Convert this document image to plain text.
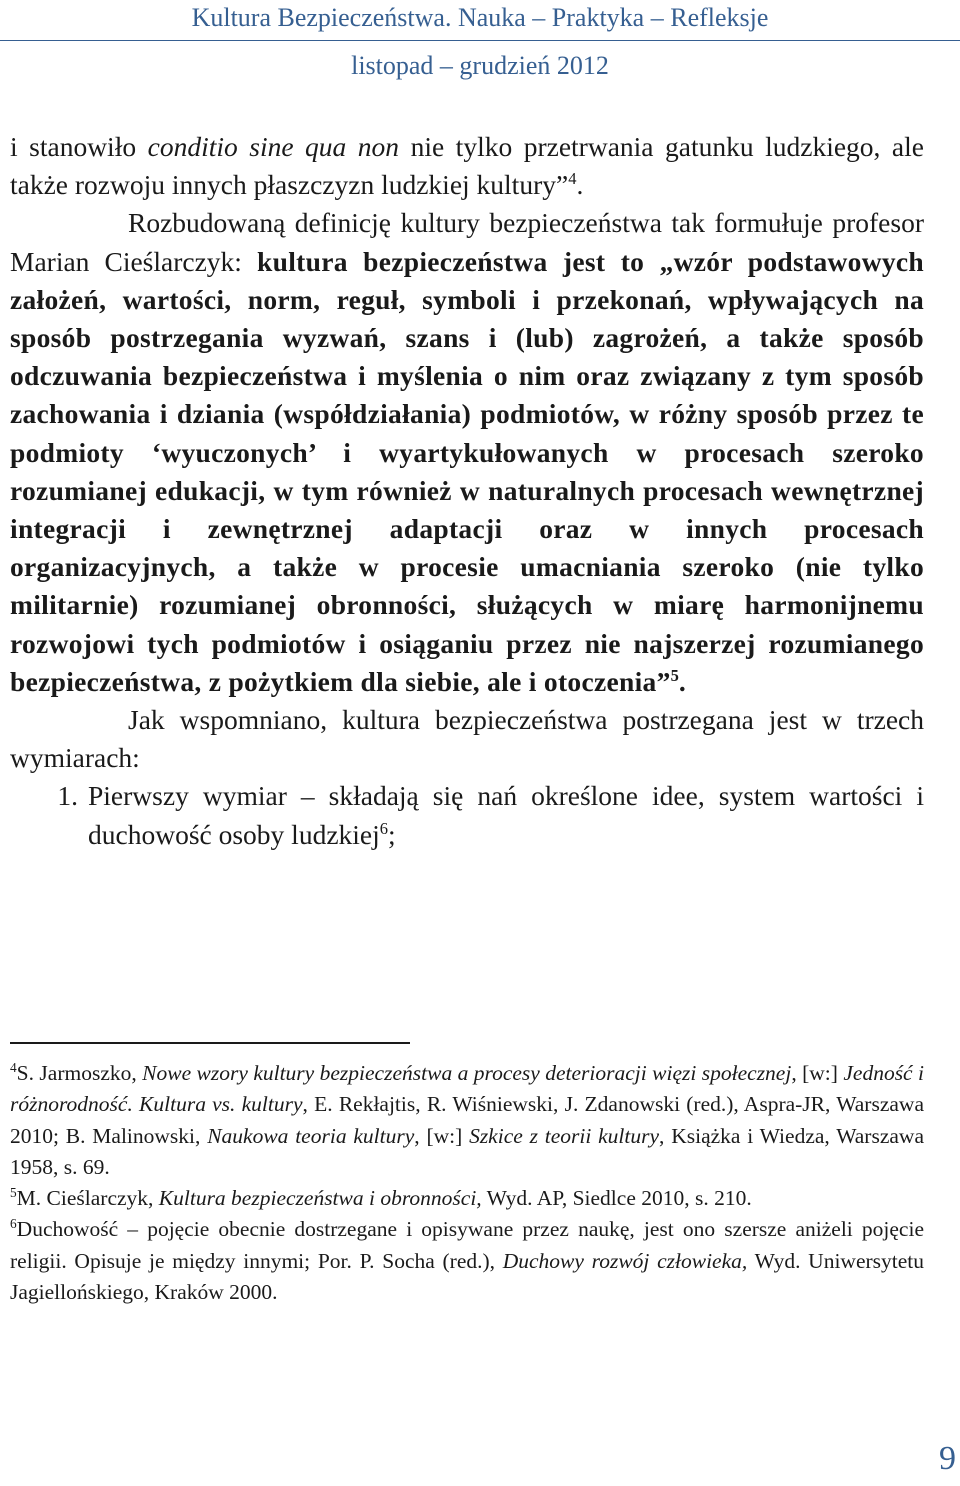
Kultura Bezpieczeństwa. Nauka – Praktyka – Refleksje
listopad – grudzień 2012

i stanowiło conditio sine qua non nie tylko przetrwania gatunku ludzkiego, ale także rozwoju innych płaszczyzn ludzkiej kultury”$^4$.

Rozbudowaną definicję kultury bezpieczeństwa tak formułuje profesor Marian Cieślarczyk: kultura bezpieczeństwa jest to „wzór podstawowych założeń, wartości, norm, reguł, symboli i przekonań, wpływających na sposób postrzegania wyzwań, szans i (lub) zagrożeń, a także sposób odczuwania bezpieczeństwa i myślenia o nim oraz związany z tym sposób zachowania i dziania (współdziałania) podmiotów, w różny sposób przez te podmioty ‘wyuczonych’ i wyartykułowanych w procesach szeroko rozumianej edukacji, w tym również w naturalnych procesach wewnętrznej integracji i zewnętrznej adaptacji oraz w innych procesach organizacyjnych, a także w procesie umacniania szeroko (nie tylko militarnie) rozumianej obronności, służących w miarę harmonijnemu rozwojowi tych podmiotów i osiąganiu przez nie najszerzej rozumianego bezpieczeństwa, z pożytkiem dla siebie, ale i otoczenia”$^5$.

Jak wspomniano, kultura bezpieczeństwa postrzegana jest w trzech wymiarach:

1. Pierwszy wymiar – składają się nań określone idee, system wartości i duchowość osoby ludzkiej$^6$;

$^4$S. Jarmoszko, Nowe wzory kultury bezpieczeństwa a procesy deterioracji więzi społecznej, [w:] Jedność i różnorodność. Kultura vs. kultury, E. Rekłajtis, R. Wiśniewski, J. Zdanowski (red.), Aspra-JR, Warszawa 2010; B. Malinowski, Naukowa teoria kultury, [w:] Szkice z teorii kultury, Książka i Wiedza, Warszawa 1958, s. 69.

$^5$M. Cieślarczyk, Kultura bezpieczeństwa i obronności, Wyd. AP, Siedlce 2010, s. 210.

$^6$Duchowość – pojęcie obecnie dostrzegane i opisywane przez naukę, jest ono szersze aniżeli pojęcie religii. Opisuje je między innymi; Por. P. Socha (red.), Duchowy rozwój człowieka, Wyd. Uniwersytetu Jagiellońskiego, Kraków 2000.

9
